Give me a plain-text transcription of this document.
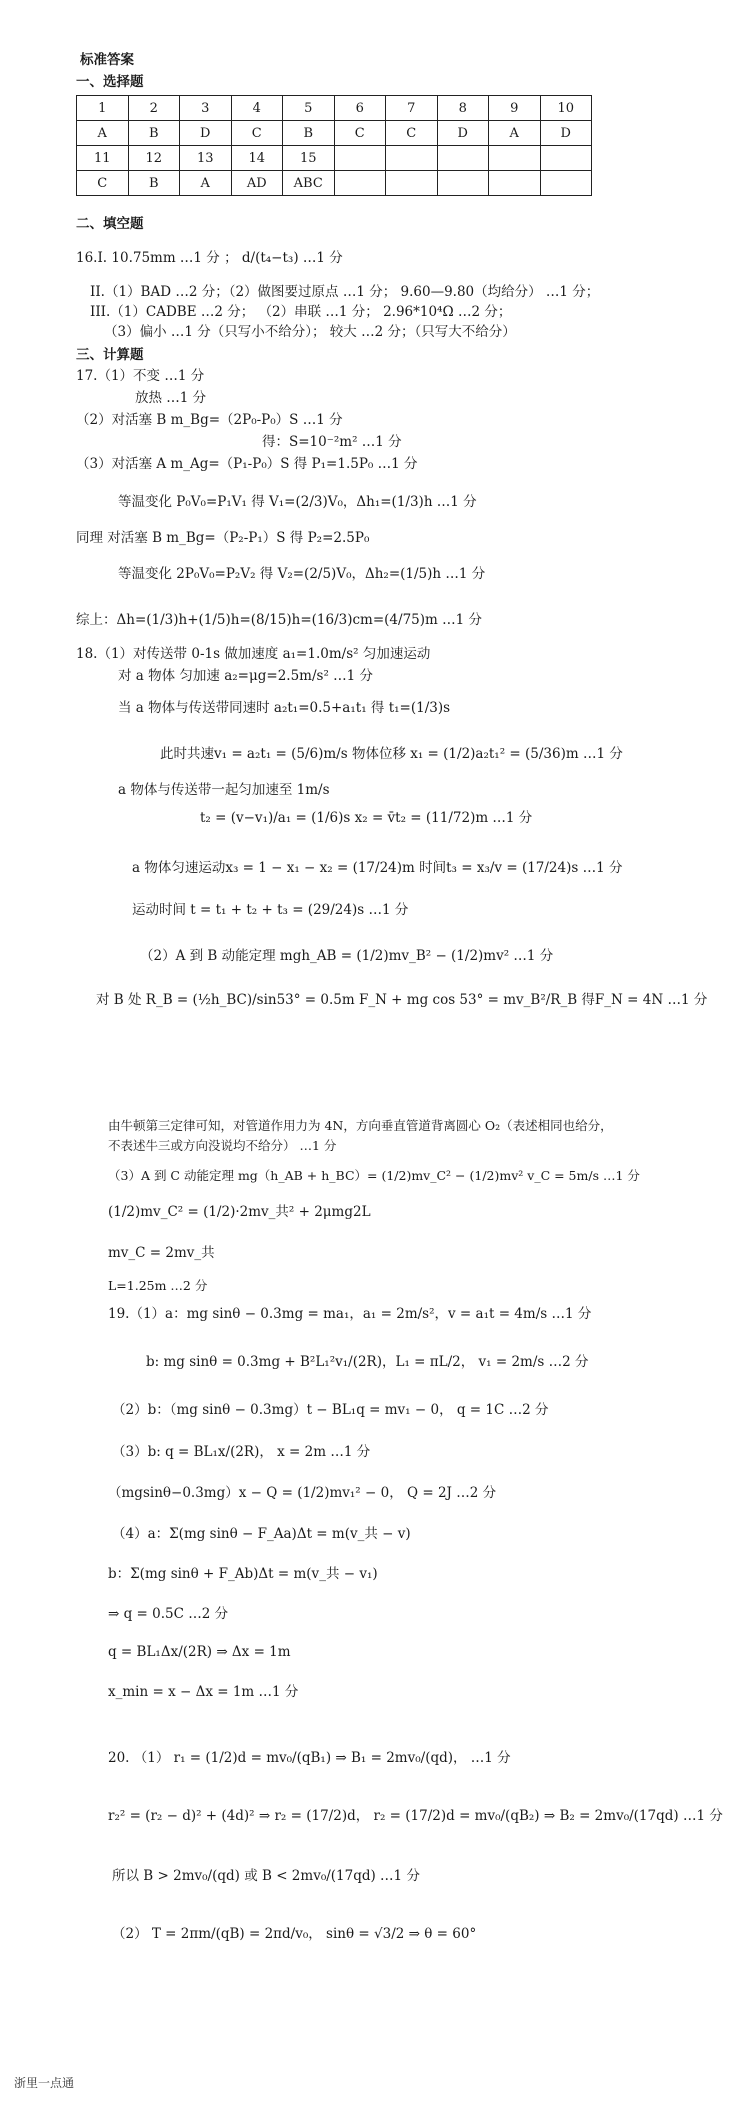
标准答案
一、选择题
1	2	3	4	5	6	7	8	9	10
A	B	D	C	B	C	C	D	A	D
11	12	13	14	15					
C	B	A	AD	ABC					
二、填空题
16.I. 10.75mm …1 分 ； d/(t₄−t₃) …1 分
II.（1）BAD …2 分；（2）做图要过原点 …1 分； 9.60—9.80（均给分） …1 分；
III.（1）CADBE …2 分； （2）串联 …1 分； 2.96*10⁴Ω …2 分；
（3）偏小 …1 分（只写小不给分）； 较大 …2 分；（只写大不给分）
三、计算题
17.（1）不变 …1 分
放热 …1 分
（2）对活塞 B m_Bg=（2P₀-P₀）S …1 分
得：S=10⁻²m² …1 分
（3）对活塞 A m_Ag=（P₁-P₀）S 得 P₁=1.5P₀ …1 分
等温变化 P₀V₀=P₁V₁ 得 V₁=(2/3)V₀，Δh₁=(1/3)h …1 分
同理 对活塞 B m_Bg=（P₂-P₁）S 得 P₂=2.5P₀
等温变化 2P₀V₀=P₂V₂ 得 V₂=(2/5)V₀，Δh₂=(1/5)h …1 分
综上：Δh=(1/3)h+(1/5)h=(8/15)h=(16/3)cm=(4/75)m …1 分
18.（1）对传送带 0-1s 做加速度 a₁=1.0m/s² 匀加速运动
对 a 物体 匀加速 a₂=μg=2.5m/s² …1 分
当 a 物体与传送带同速时 a₂t₁=0.5+a₁t₁ 得 t₁=(1/3)s
此时共速v₁ = a₂t₁ = (5/6)m/s 物体位移 x₁ = (1/2)a₂t₁² = (5/36)m …1 分
a 物体与传送带一起匀加速至 1m/s
t₂ = (v−v₁)/a₁ = (1/6)s x₂ = v̄t₂ = (11/72)m …1 分
a 物体匀速运动x₃ = 1 − x₁ − x₂ = (17/24)m 时间t₃ = x₃/v = (17/24)s …1 分
运动时间 t = t₁ + t₂ + t₃ = (29/24)s …1 分
（2）A 到 B 动能定理 mgh_AB = (1/2)mv_B² − (1/2)mv² …1 分
对 B 处 R_B = (½h_BC)/sin53° = 0.5m F_N + mg cos 53° = mv_B²/R_B 得F_N = 4N …1 分
由牛顿第三定律可知，对管道作用力为 4N，方向垂直管道背离圆心 O₂（表述相同也给分，
不表述牛三或方向没说均不给分） …1 分
（3）A 到 C 动能定理 mg（h_AB + h_BC）= (1/2)mv_C² − (1/2)mv² v_C = 5m/s …1 分
(1/2)mv_C² = (1/2)·2mv_共² + 2μmg2L
mv_C = 2mv_共
L=1.25m …2 分
19.（1）a：mg sinθ − 0.3mg = ma₁，a₁ = 2m/s²，v = a₁t = 4m/s …1 分
b: mg sinθ = 0.3mg + B²L₁²v₁/(2R)，L₁ = πL/2， v₁ = 2m/s …2 分
（2）b：（mg sinθ − 0.3mg）t − BL₁q = mv₁ − 0， q = 1C …2 分
（3）b: q = BL₁x/(2R)， x = 2m …1 分
（mgsinθ−0.3mg）x − Q = (1/2)mv₁² − 0， Q = 2J …2 分
（4）a：Σ(mg sinθ − F_Aa)Δt = m(v_共 − v)
b：Σ(mg sinθ + F_Ab)Δt = m(v_共 − v₁)
⇒ q = 0.5C …2 分
q = BL₁Δx/(2R) ⇒ Δx = 1m
x_min = x − Δx = 1m …1 分
20. （1） r₁ = (1/2)d = mv₀/(qB₁) ⇒ B₁ = 2mv₀/(qd)， …1 分
r₂² = (r₂ − d)² + (4d)² ⇒ r₂ = (17/2)d， r₂ = (17/2)d = mv₀/(qB₂) ⇒ B₂ = 2mv₀/(17qd) …1 分
所以 B > 2mv₀/(qd) 或 B < 2mv₀/(17qd) …1 分
（2） T = 2πm/(qB) = 2πd/v₀， sinθ = √3/2 ⇒ θ = 60°
浙里一点通
